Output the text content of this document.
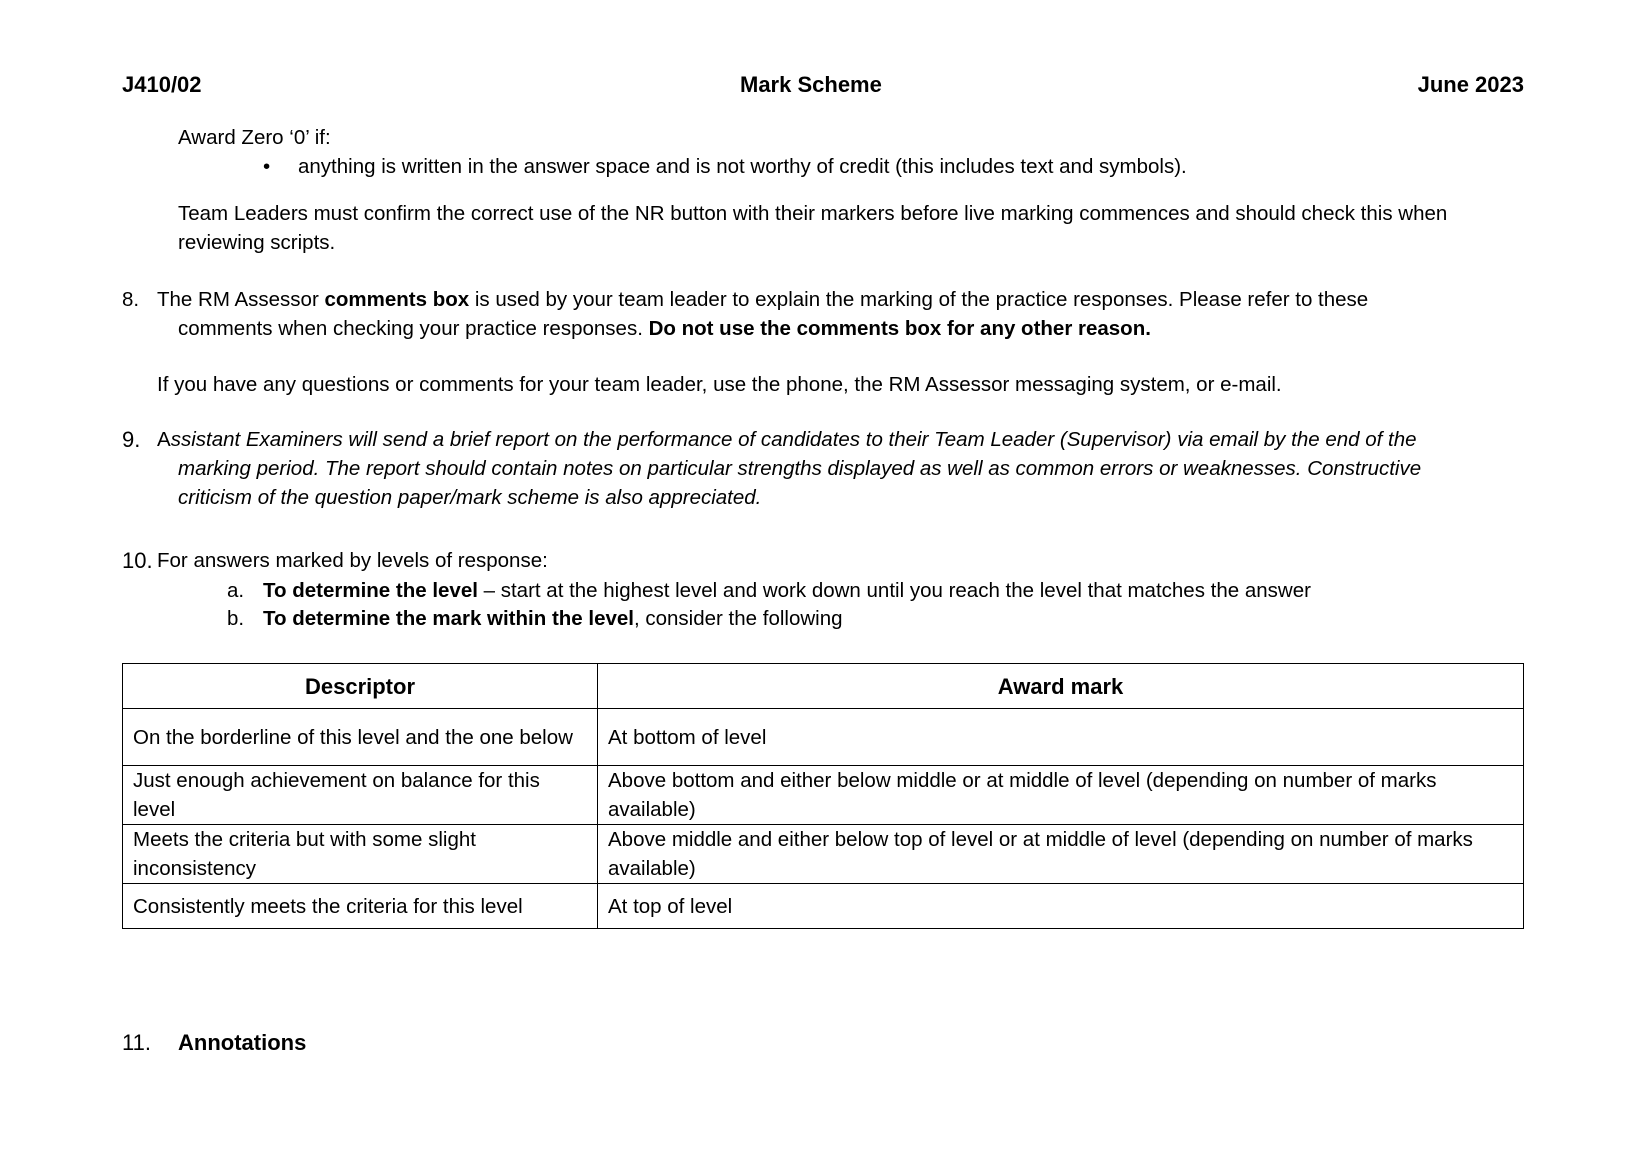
J410/02	Mark Scheme	June 2023
Award Zero ‘0’ if:
• anything is written in the answer space and is not worthy of credit (this includes text and symbols).
Team Leaders must confirm the correct use of the NR button with their markers before live marking commences and should check this when
reviewing scripts.
8. The RM Assessor comments box is used by your team leader to explain the marking of the practice responses. Please refer to these
comments when checking your practice responses. Do not use the comments box for any other reason.
If you have any questions or comments for your team leader, use the phone, the RM Assessor messaging system, or e-mail.
9. Assistant Examiners will send a brief report on the performance of candidates to their Team Leader (Supervisor) via email by the end of the
marking period. The report should contain notes on particular strengths displayed as well as common errors or weaknesses. Constructive
criticism of the question paper/mark scheme is also appreciated.
10. For answers marked by levels of response:
a. To determine the level – start at the highest level and work down until you reach the level that matches the answer
b. To determine the mark within the level, consider the following
Descriptor	Award mark
On the borderline of this level and the one below	At bottom of level
Just enough achievement on balance for this level	Above bottom and either below middle or at middle of level (depending on number of marks available)
Meets the criteria but with some slight inconsistency	Above middle and either below top of level or at middle of level (depending on number of marks available)
Consistently meets the criteria for this level	At top of level
11. Annotations
